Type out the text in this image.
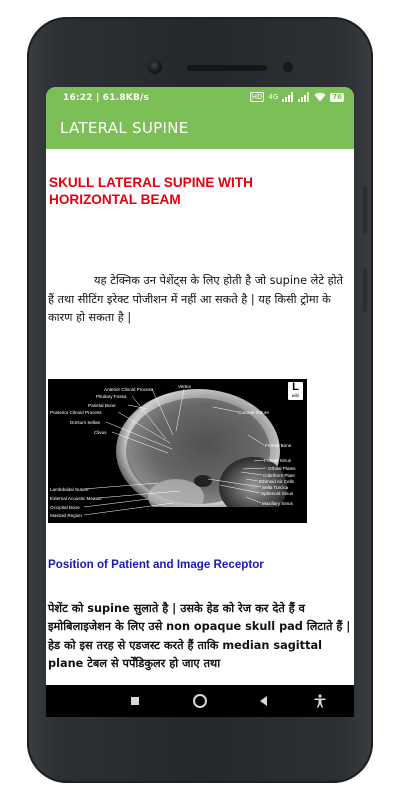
16:22 | 61.8KB/s	HD 4G	76
LATERAL SUPINE
SKULL LATERAL SUPINE WITH
HORIZONTAL BEAM
यह टेक्निक उन पेशेंट्स के लिए होती है जो supine लेटे होते हैं तथा सीटिंग इरेक्ट पोजीशन में नहीं आ सकते है | यह किसी ट्रोमा के कारण हो सकता है |
L
wiki
Vertex
Coronal Suture
Anterior Clinoid Process
Pituitary Fossa
Parietal Bone
Posterior Clinoid Process
Dorsum Sellae
Clivus
Frontal Bone
Frontal Sinus
Orbital Plates
Cribriform Plate
Ethmoid Air Cells
Sella Turcica
Sphenoid Sinus
Maxillary Sinus
Lambdoidal Suture
External Acoustic Meatus
Occipital Bone
Mastoid Region
Position of Patient and Image Receptor
पेशेंट को supine सुलाते है | उसके हेड को रेज कर देते हैं व इमोबिलाइजेशन के लिए उसे non opaque skull pad लिटाते हैं | हेड को इस तरह से एडजस्ट करते हैं ताकि median sagittal plane टेबल से पर्पेंडिकुलर हो जाए तथा
